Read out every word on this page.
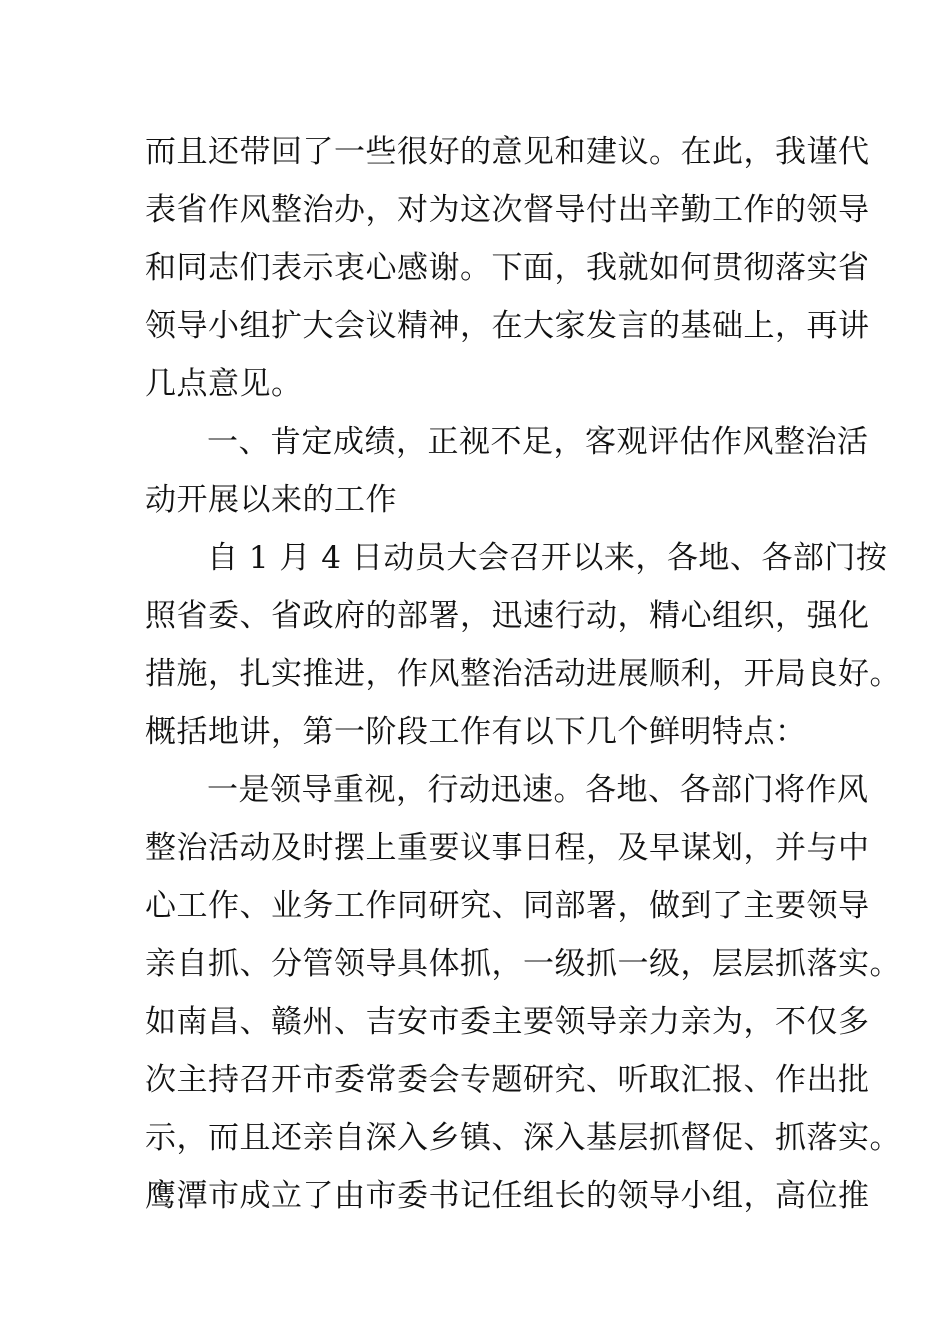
而且还带回了一些很好的意见和建议。在此，我谨代
表省作风整治办，对为这次督导付出辛勤工作的领导
和同志们表示衷心感谢。下面，我就如何贯彻落实省
领导小组扩大会议精神，在大家发言的基础上，再讲
几点意见。
一、肯定成绩，正视不足，客观评估作风整治活
动开展以来的工作
自 1 月 4 日动员大会召开以来，各地、各部门按
照省委、省政府的部署，迅速行动，精心组织，强化
措施，扎实推进，作风整治活动进展顺利，开局良好。
概括地讲，第一阶段工作有以下几个鲜明特点：
一是领导重视，行动迅速。各地、各部门将作风
整治活动及时摆上重要议事日程，及早谋划，并与中
心工作、业务工作同研究、同部署，做到了主要领导
亲自抓、分管领导具体抓，一级抓一级，层层抓落实。
如南昌、赣州、吉安市委主要领导亲力亲为，不仅多
次主持召开市委常委会专题研究、听取汇报、作出批
示，而且还亲自深入乡镇、深入基层抓督促、抓落实。
鹰潭市成立了由市委书记任组长的领导小组，高位推
